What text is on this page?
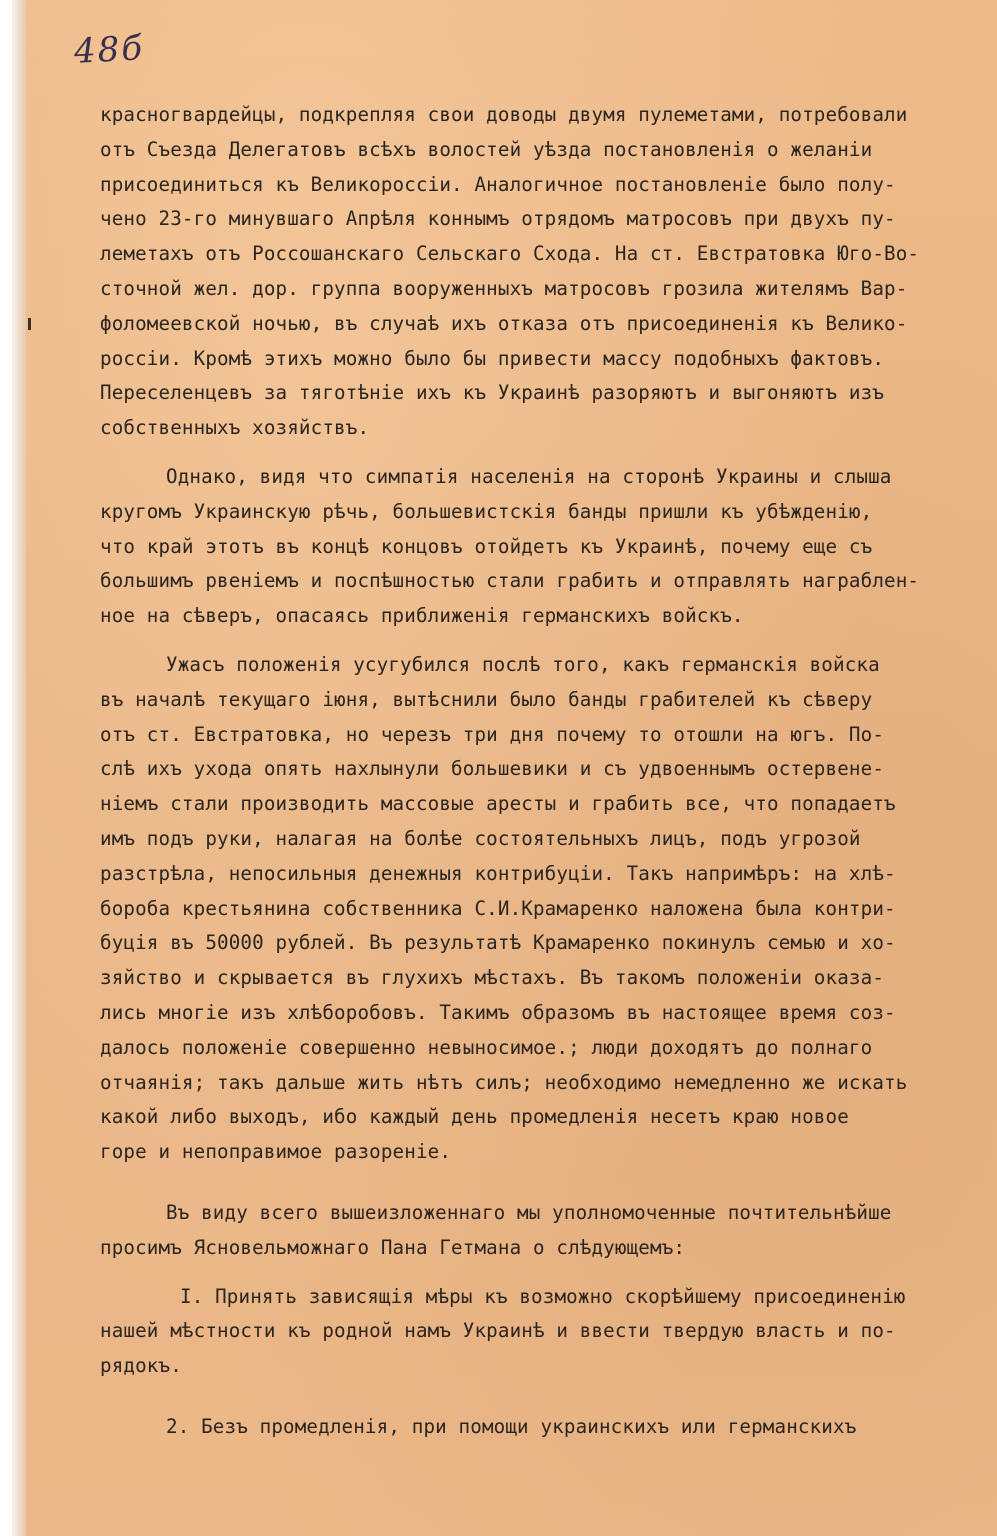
48б
красногвардейцы, подкрепляя свои доводы двумя пулеметами, потребовали
отъ Съезда Делегатовъ всѣхъ волостей уѣзда постановленія о желаніи
присоединиться къ Великороссіи. Аналогичное постановленіе было полу-
чено 23-го минувшаго Апрѣля коннымъ отрядомъ матросовъ при двухъ пу-
леметахъ отъ Россошанскаго Сельскаго Схода. На ст. Евстратовка Юго-Во-
сточной жел. дор. группа вооруженныхъ матросовъ грозила жителямъ Вар-
фоломеевской ночью, въ случаѣ ихъ отказа отъ присоединенія къ Велико-
россіи. Кромѣ этихъ можно было бы привести массу подобныхъ фактовъ.
Переселенцевъ за тяготѣніе ихъ къ Украинѣ разоряютъ и выгоняютъ изъ
собственныхъ хозяйствъ.
Однако, видя что симпатія населенія на сторонѣ Украины и слыша
кругомъ Украинскую рѣчь, большевистскія банды пришли къ убѣжденію,
что край этотъ въ концѣ концовъ отойдетъ къ Украинѣ, почему еще съ
большимъ рвеніемъ и поспѣшностью стали грабить и отправлять награблен-
ное на сѣверъ, опасаясь приближенія германскихъ войскъ.
Ужасъ положенія усугубился послѣ того, какъ германскія войска
въ началѣ текущаго іюня, вытѣснили было банды грабителей къ сѣверу
отъ ст. Евстратовка, но черезъ три дня почему то отошли на югъ. По-
слѣ ихъ ухода опять нахлынули большевики и съ удвоеннымъ остервене-
ніемъ стали производить массовые аресты и грабить все, что попадаетъ
имъ подъ руки, налагая на болѣе состоятельныхъ лицъ, подъ угрозой
разстрѣла, непосильныя денежныя контрибуціи. Такъ напримѣръ: на хлѣ-
бороба крестьянина собственника С.И.Крамаренко наложена была контри-
буція въ 50000 рублей. Въ результатѣ Крамаренко покинулъ семью и хо-
зяйство и скрывается въ глухихъ мѣстахъ. Въ такомъ положеніи оказа-
лись многіе изъ хлѣборобовъ. Такимъ образомъ въ настоящее время соз-
далось положеніе совершенно невыносимое.; люди доходятъ до полнаго
отчаянія; такъ дальше жить нѣтъ силъ; необходимо немедленно же искать
какой либо выходъ, ибо каждый день промедленія несетъ краю новое
горе и непоправимое разореніе.
Въ виду всего вышеизложеннаго мы уполномоченные почтительнѣйше
просимъ Ясновельможнаго Пана Гетмана о слѣдующемъ:
I. Принять зависящія мѣры къ возможно скорѣйшему присоединенію
нашей мѣстности къ родной намъ Украинѣ и ввести твердую власть и по-
рядокъ.
2. Безъ промедленія, при помощи украинскихъ или германскихъ
